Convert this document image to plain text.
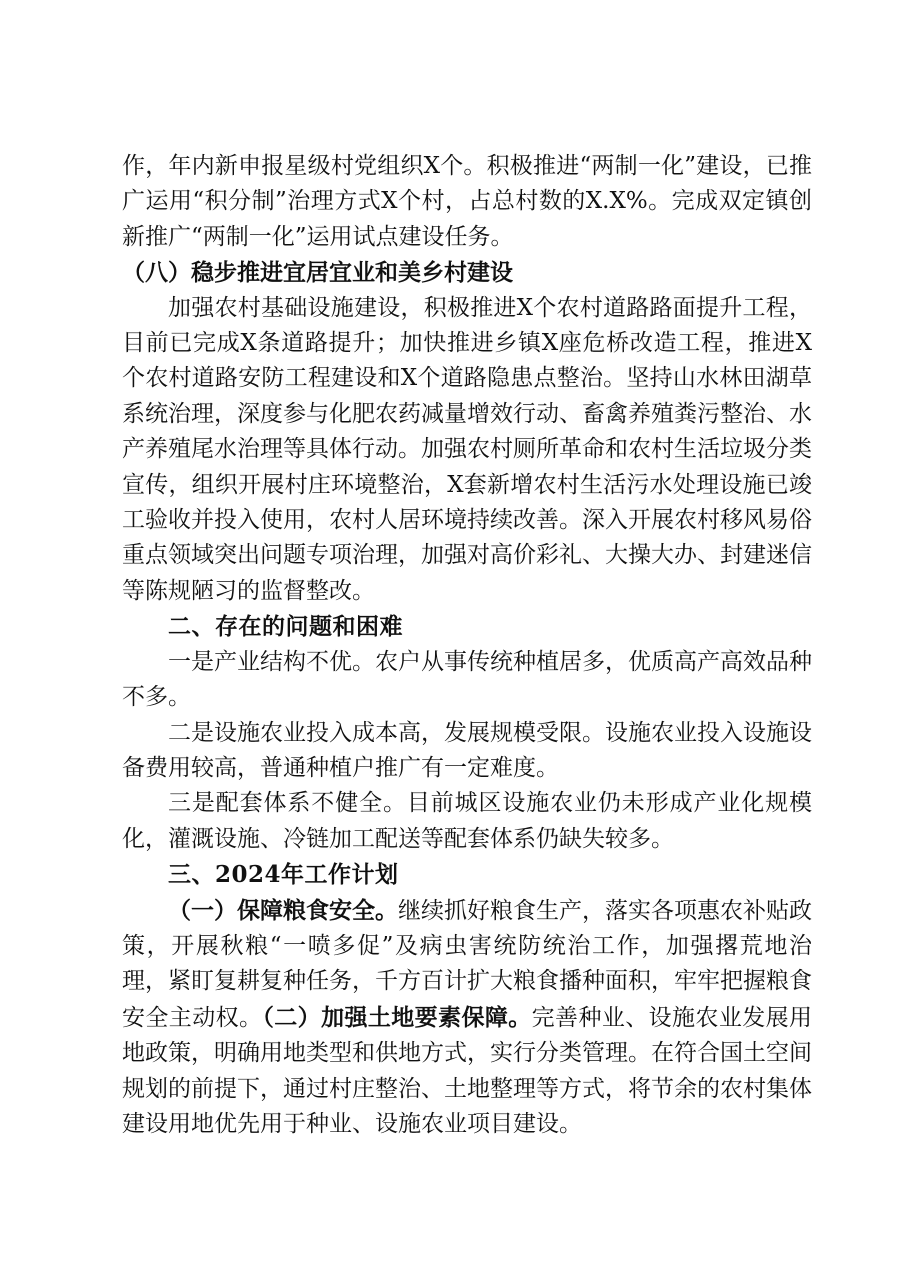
作，年内新申报星级村党组织X个。积极推进“两制一化”建设，已推广运用“积分制”治理方式X个村，占总村数的X.X%。完成双定镇创新推广“两制一化”运用试点建设任务。

（八）稳步推进宜居宜业和美乡村建设

加强农村基础设施建设，积极推进X个农村道路路面提升工程，目前已完成X条道路提升；加快推进乡镇X座危桥改造工程，推进X个农村道路安防工程建设和X个道路隐患点整治。坚持山水林田湖草系统治理，深度参与化肥农药减量增效行动、畜禽养殖粪污整治、水产养殖尾水治理等具体行动。加强农村厕所革命和农村生活垃圾分类宣传，组织开展村庄环境整治，X套新增农村生活污水处理设施已竣工验收并投入使用，农村人居环境持续改善。深入开展农村移风易俗重点领域突出问题专项治理，加强对高价彩礼、大操大办、封建迷信等陈规陋习的监督整改。

二、存在的问题和困难

一是产业结构不优。农户从事传统种植居多，优质高产高效品种不多。

二是设施农业投入成本高，发展规模受限。设施农业投入设施设备费用较高，普通种植户推广有一定难度。

三是配套体系不健全。目前城区设施农业仍未形成产业化规模化，灌溉设施、冷链加工配送等配套体系仍缺失较多。

三、2024年工作计划

（一）保障粮食安全。继续抓好粮食生产，落实各项惠农补贴政策，开展秋粮“一喷多促”及病虫害统防统治工作，加强撂荒地治理，紧盯复耕复种任务，千方百计扩大粮食播种面积，牢牢把握粮食安全主动权。（二）加强土地要素保障。完善种业、设施农业发展用地政策，明确用地类型和供地方式，实行分类管理。在符合国土空间规划的前提下，通过村庄整治、土地整理等方式，将节余的农村集体建设用地优先用于种业、设施农业项目建设。
